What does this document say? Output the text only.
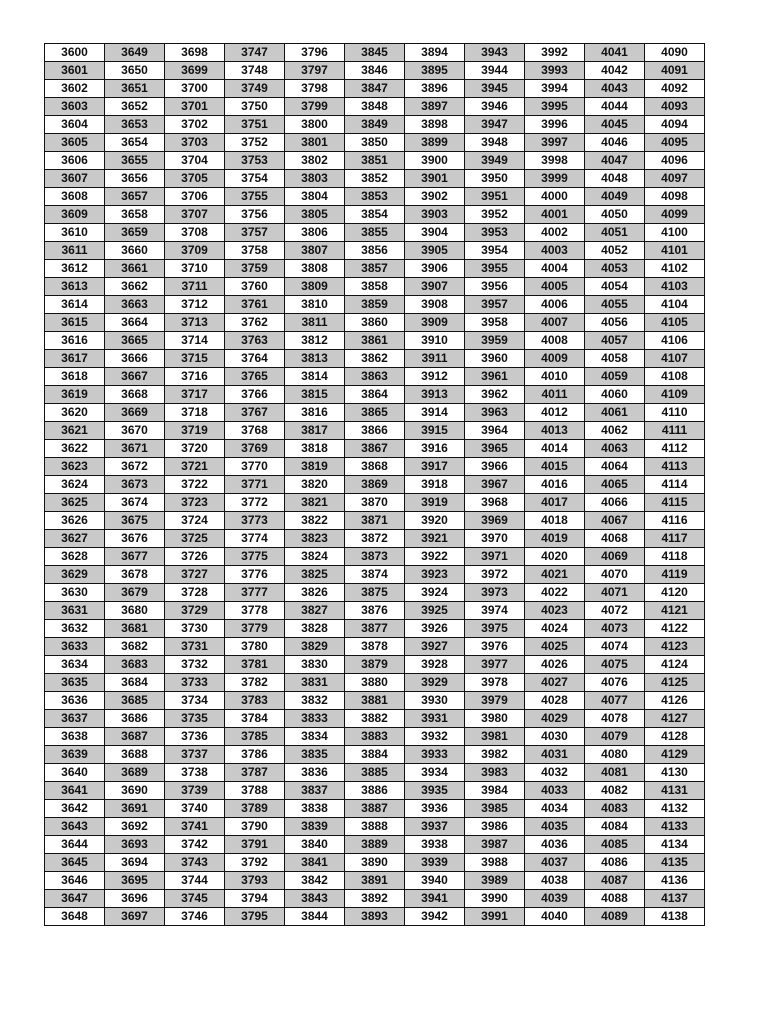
3600	3649	3698	3747	3796	3845	3894	3943	3992	4041	4090
3601	3650	3699	3748	3797	3846	3895	3944	3993	4042	4091
3602	3651	3700	3749	3798	3847	3896	3945	3994	4043	4092
3603	3652	3701	3750	3799	3848	3897	3946	3995	4044	4093
3604	3653	3702	3751	3800	3849	3898	3947	3996	4045	4094
3605	3654	3703	3752	3801	3850	3899	3948	3997	4046	4095
3606	3655	3704	3753	3802	3851	3900	3949	3998	4047	4096
3607	3656	3705	3754	3803	3852	3901	3950	3999	4048	4097
3608	3657	3706	3755	3804	3853	3902	3951	4000	4049	4098
3609	3658	3707	3756	3805	3854	3903	3952	4001	4050	4099
3610	3659	3708	3757	3806	3855	3904	3953	4002	4051	4100
3611	3660	3709	3758	3807	3856	3905	3954	4003	4052	4101
3612	3661	3710	3759	3808	3857	3906	3955	4004	4053	4102
3613	3662	3711	3760	3809	3858	3907	3956	4005	4054	4103
3614	3663	3712	3761	3810	3859	3908	3957	4006	4055	4104
3615	3664	3713	3762	3811	3860	3909	3958	4007	4056	4105
3616	3665	3714	3763	3812	3861	3910	3959	4008	4057	4106
3617	3666	3715	3764	3813	3862	3911	3960	4009	4058	4107
3618	3667	3716	3765	3814	3863	3912	3961	4010	4059	4108
3619	3668	3717	3766	3815	3864	3913	3962	4011	4060	4109
3620	3669	3718	3767	3816	3865	3914	3963	4012	4061	4110
3621	3670	3719	3768	3817	3866	3915	3964	4013	4062	4111
3622	3671	3720	3769	3818	3867	3916	3965	4014	4063	4112
3623	3672	3721	3770	3819	3868	3917	3966	4015	4064	4113
3624	3673	3722	3771	3820	3869	3918	3967	4016	4065	4114
3625	3674	3723	3772	3821	3870	3919	3968	4017	4066	4115
3626	3675	3724	3773	3822	3871	3920	3969	4018	4067	4116
3627	3676	3725	3774	3823	3872	3921	3970	4019	4068	4117
3628	3677	3726	3775	3824	3873	3922	3971	4020	4069	4118
3629	3678	3727	3776	3825	3874	3923	3972	4021	4070	4119
3630	3679	3728	3777	3826	3875	3924	3973	4022	4071	4120
3631	3680	3729	3778	3827	3876	3925	3974	4023	4072	4121
3632	3681	3730	3779	3828	3877	3926	3975	4024	4073	4122
3633	3682	3731	3780	3829	3878	3927	3976	4025	4074	4123
3634	3683	3732	3781	3830	3879	3928	3977	4026	4075	4124
3635	3684	3733	3782	3831	3880	3929	3978	4027	4076	4125
3636	3685	3734	3783	3832	3881	3930	3979	4028	4077	4126
3637	3686	3735	3784	3833	3882	3931	3980	4029	4078	4127
3638	3687	3736	3785	3834	3883	3932	3981	4030	4079	4128
3639	3688	3737	3786	3835	3884	3933	3982	4031	4080	4129
3640	3689	3738	3787	3836	3885	3934	3983	4032	4081	4130
3641	3690	3739	3788	3837	3886	3935	3984	4033	4082	4131
3642	3691	3740	3789	3838	3887	3936	3985	4034	4083	4132
3643	3692	3741	3790	3839	3888	3937	3986	4035	4084	4133
3644	3693	3742	3791	3840	3889	3938	3987	4036	4085	4134
3645	3694	3743	3792	3841	3890	3939	3988	4037	4086	4135
3646	3695	3744	3793	3842	3891	3940	3989	4038	4087	4136
3647	3696	3745	3794	3843	3892	3941	3990	4039	4088	4137
3648	3697	3746	3795	3844	3893	3942	3991	4040	4089	4138
